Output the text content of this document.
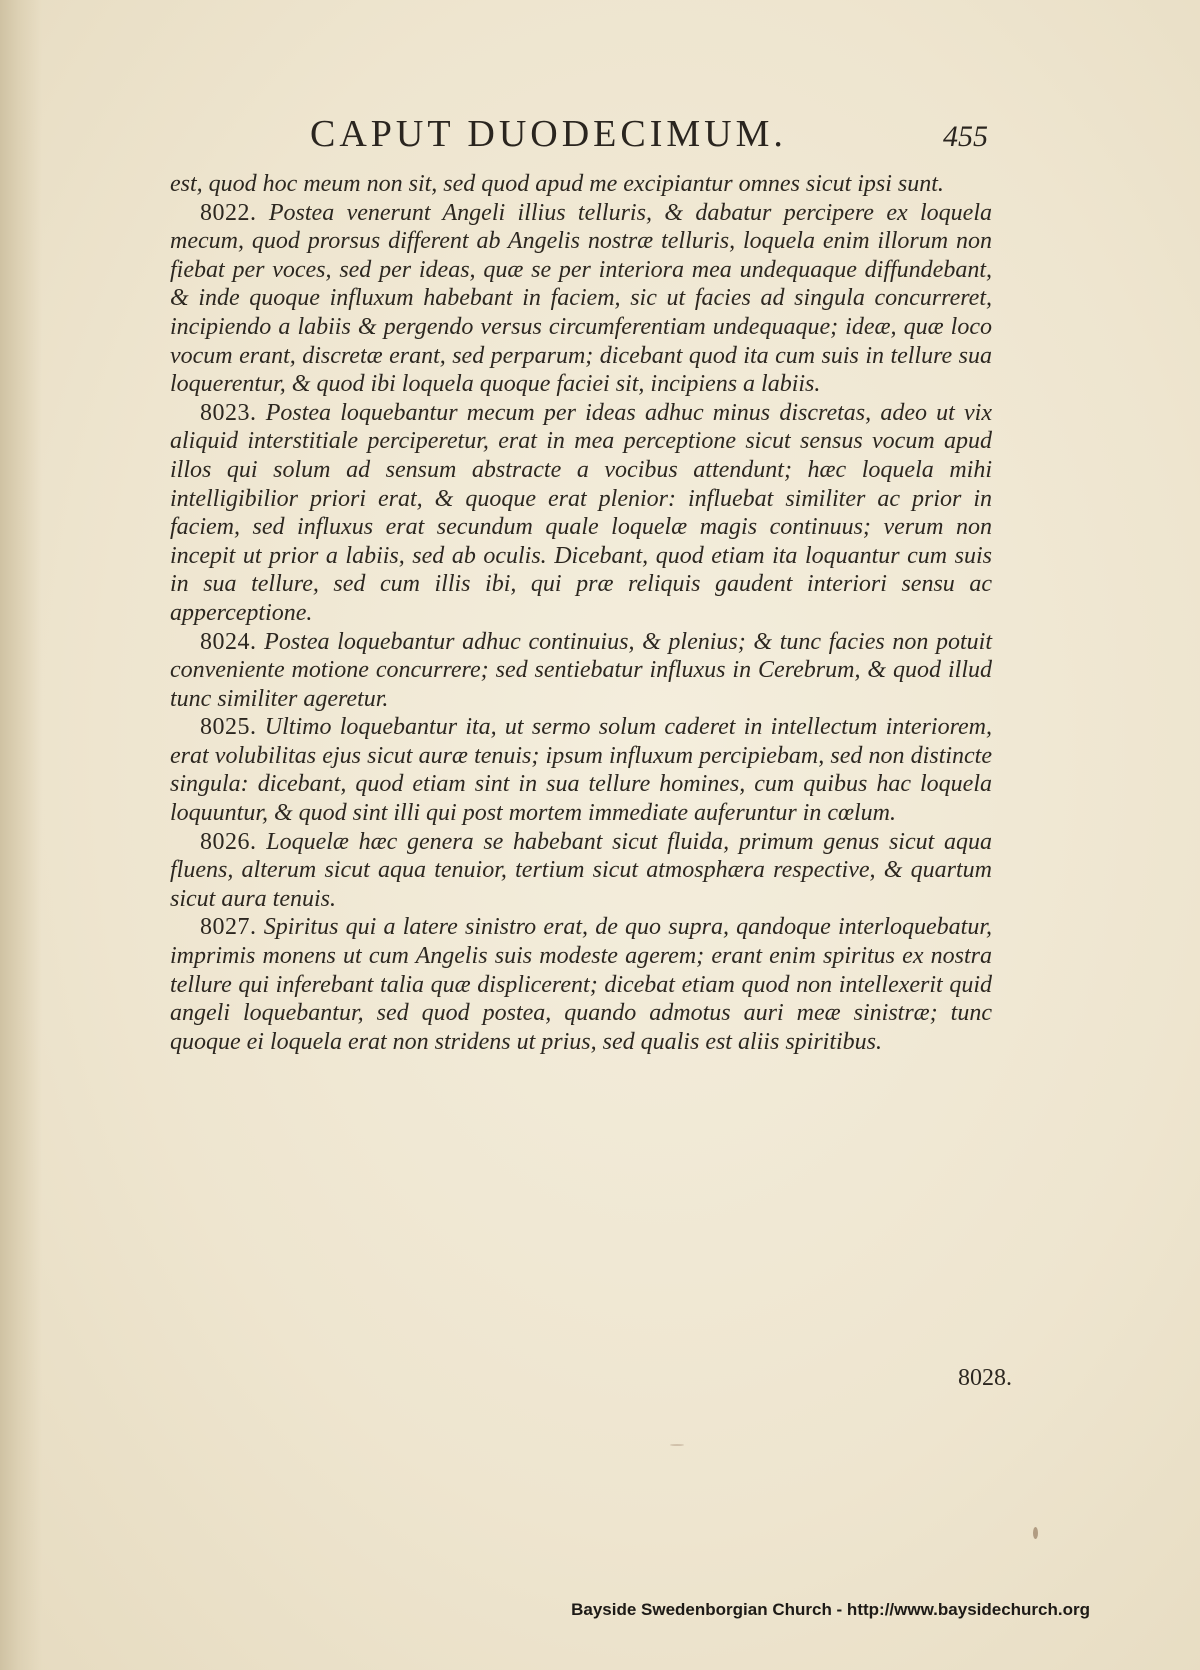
CAPUT DUODECIMUM.	455

est, quod hoc meum non sit, sed quod apud me excipiantur omnes sicut ipsi sunt.

8022. Postea venerunt Angeli illius telluris, & dabatur percipere ex loquela mecum, quod prorsus different ab Angelis nostræ telluris, loquela enim illorum non fiebat per voces, sed per ideas, quæ se per interiora mea undequaque diffundebant, & inde quoque influxum habebant in faciem, sic ut facies ad singula concurreret, incipiendo a labiis & pergendo versus circumferentiam undequaque; ideæ, quæ loco vocum erant, discretæ erant, sed perparum; dicebant quod ita cum suis in tellure sua loquerentur, & quod ibi loquela quoque faciei sit, incipiens a labiis.

8023. Postea loquebantur mecum per ideas adhuc minus discretas, adeo ut vix aliquid interstitiale perciperetur, erat in mea perceptione sicut sensus vocum apud illos qui solum ad sensum abstracte a vocibus attendunt; hæc loquela mihi intelligibilior priori erat, & quoque erat plenior: influebat similiter ac prior in faciem, sed influxus erat secundum quale loquelæ magis continuus; verum non incepit ut prior a labiis, sed ab oculis. Dicebant, quod etiam ita loquantur cum suis in sua tellure, sed cum illis ibi, qui præ reliquis gaudent interiori sensu ac apperceptione.

8024. Postea loquebantur adhuc continuius, & plenius; & tunc facies non potuit conveniente motione concurrere; sed sentiebatur influxus in Cerebrum, & quod illud tunc similiter ageretur.

8025. Ultimo loquebantur ita, ut sermo solum caderet in intellectum interiorem, erat volubilitas ejus sicut auræ tenuis; ipsum influxum percipiebam, sed non distincte singula: dicebant, quod etiam sint in sua tellure homines, cum quibus hac loquela loquuntur, & quod sint illi qui post mortem immediate auferuntur in cœlum.

8026. Loquelæ hæc genera se habebant sicut fluida, primum genus sicut aqua fluens, alterum sicut aqua tenuior, tertium sicut atmosphæra respective, & quartum sicut aura tenuis.

8027. Spiritus qui a latere sinistro erat, de quo supra, qandoque interloquebatur, imprimis monens ut cum Angelis suis modeste agerem; erant enim spiritus ex nostra tellure qui inferebant talia quæ displicerent; dicebat etiam quod non intellexerit quid angeli loquebantur, sed quod postea, quando admotus auri meæ sinistræ; tunc quoque ei loquela erat non stridens ut prius, sed qualis est aliis spiritibus.

8028.
Bayside Swedenborgian Church - http://www.baysidechurch.org
